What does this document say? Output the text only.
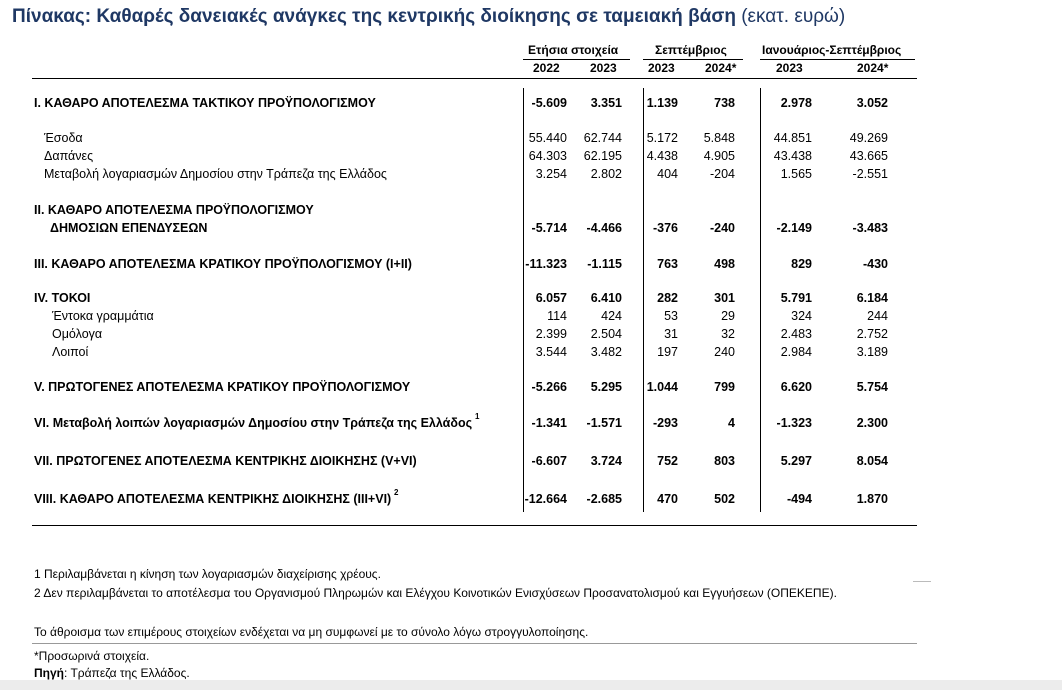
Πίνακας: Καθαρές δανειακές ανάγκες της κεντρικής διοίκησης σε ταμειακή βάση (εκατ. ευρώ)
Ετήσια στοιχεία	Σεπτέμβριος	Ιανουάριος-Σεπτέμβριος
2022	2023	2023	2024*	2023	2024*
Ι. ΚΑΘΑΡΟ ΑΠΟΤΕΛΕΣΜΑ ΤΑΚΤΙΚΟΥ ΠΡΟΫΠΟΛΟΓΙΣΜΟΥ	-5.609	3.351	1.139	738	2.978	3.052
Έσοδα	55.440	62.744	5.172	5.848	44.851	49.269
Δαπάνες	64.303	62.195	4.438	4.905	43.438	43.665
Μεταβολή λογαριασμών Δημοσίου στην Τράπεζα της Ελλάδος	3.254	2.802	404	-204	1.565	-2.551
ΙΙ. ΚΑΘΑΡΟ ΑΠΟΤΕΛΕΣΜΑ ΠΡΟΫΠΟΛΟΓΙΣΜΟΥ
ΔΗΜΟΣΙΩΝ ΕΠΕΝΔΥΣΕΩΝ	-5.714	-4.466	-376	-240	-2.149	-3.483
ΙΙΙ. ΚΑΘΑΡΟ ΑΠΟΤΕΛΕΣΜΑ ΚΡΑΤΙΚΟΥ ΠΡΟΫΠΟΛΟΓΙΣΜΟΥ (Ι+ΙΙ)	-11.323	-1.115	763	498	829	-430
IV. ΤΟΚΟΙ	6.057	6.410	282	301	5.791	6.184
Έντοκα γραμμάτια	114	424	53	29	324	244
Ομόλογα	2.399	2.504	31	32	2.483	2.752
Λοιποί	3.544	3.482	197	240	2.984	3.189
V. ΠΡΩΤΟΓΕΝΕΣ ΑΠΟΤΕΛΕΣΜΑ ΚΡΑΤΙΚΟΥ ΠΡΟΫΠΟΛΟΓΙΣΜΟΥ	-5.266	5.295	1.044	799	6.620	5.754
VI. Μεταβολή λοιπών λογαριασμών Δημοσίου στην Τράπεζα της Ελλάδος 1	-1.341	-1.571	-293	4	-1.323	2.300
VII. ΠΡΩΤΟΓΕΝΕΣ ΑΠΟΤΕΛΕΣΜΑ ΚΕΝΤΡΙΚΗΣ ΔΙΟΙΚΗΣΗΣ (V+VI)	-6.607	3.724	752	803	5.297	8.054
VIII. ΚΑΘΑΡΟ ΑΠΟΤΕΛΕΣΜΑ ΚΕΝΤΡΙΚΗΣ ΔΙΟΙΚΗΣΗΣ (III+VI) 2	-12.664	-2.685	470	502	-494	1.870
1 Περιλαμβάνεται η κίνηση των λογαριασμών διαχείρισης χρέους.
2 Δεν περιλαμβάνεται το αποτέλεσμα του Οργανισμού Πληρωμών και Ελέγχου Κοινοτικών Ενισχύσεων Προσανατολισμού και Εγγυήσεων (ΟΠΕΚΕΠΕ).
Το άθροισμα των επιμέρους στοιχείων ενδέχεται να μη συμφωνεί με το σύνολο λόγω στρογγυλοποίησης.
*Προσωρινά στοιχεία.
Πηγή: Τράπεζα της Ελλάδος.
